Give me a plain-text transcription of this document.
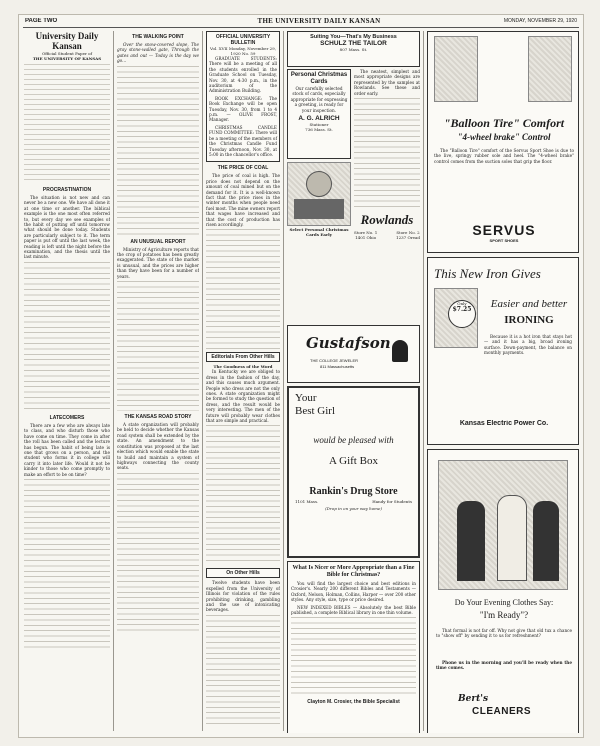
PAGE TWO	THE UNIVERSITY DAILY KANSAN	MONDAY, NOVEMBER 29, 1920
University Daily Kansan
Official Student Paper of
THE UNIVERSITY OF KANSAS
PROCRASTINATION

The situation is not new and can never be a new one. We have all done it at one time or another. The biblical example is the one most often referred to, but every day we see examples of the habit of putting off until tomorrow what should be done today. Students are particularly subject to it. The term paper is put off until the last week, the reading is left until the night before the examination, and the thesis until the last minute.

LATECOMERS

There are a few who are always late to class, and who disturb those who have come on time. They come in after the roll has been called and the lecture has begun. The habit of being late is one that grows on a person, and the student who forms it in college will carry it into later life. Would it not be kinder to those who come promptly to make an effort to be on time?

THE WALKING POINT

Over the snow-covered slope, The gray stone-walled gate, Through the gates and out — Today is the day we go...

AN UNUSUAL REPORT

Ministry of Agriculture reports that the crop of potatoes has been greatly exaggerated. The state of the market is unusual, and the prices are higher than they have been for a number of years.

THE KANSAS ROAD STORY

A state organization will probably be held to decide whether the Kansas road system shall be extended by the state. An amendment to the constitution was proposed at the last election which would enable the state to build and maintain a system of highways connecting the county seats.

OFFICIAL UNIVERSITY BULLETIN
Vol. XVII Monday, November 29, 1920 No. 59

GRADUATE STUDENTS: There will be a meeting of all the students enrolled in the Graduate School on Tuesday, Nov. 30, at 4:30 p.m., in the auditorium of the Administration Building.

BOOK EXCHANGE: The Book Exchange will be open Tuesday, Nov. 30, from 1 to 4 p.m. — OLIVE FROST, Manager.

CHRISTMAS CANDLE FUND COMMITTEE: There will be a meeting of the members of the Christmas Candle Fund Tuesday afternoon, Nov. 30, at 5:00 in the chancellor's office.

THE PRICE OF COAL

The price of coal is high. The price does not depend on the amount of coal mined but on the demand for it. It is a well-known fact that the price rises in the winter months when people need fuel most. The mine owners report that wages have increased and that the cost of production has risen accordingly.

Editorials From Other Hills
The Goodness of the Word

In Kentucky we are obliged to dress in the fashion of the day, and this causes much argument. People who dress are not the only ones. A state organization might be formed to study the question of dress, and the result would be very interesting. The men of the future will probably wear clothes that are simple and practical.

On Other Hills

Twelve students have been expelled from the University of Illinois for violation of the rules prohibiting drinking, gambling and the use of intoxicating beverages.

Suiting You—That's My Business
SCHULZ THE TAILOR
807 Mass. St.
Personal Christmas Cards
Our carefully selected stock of cards, especially appropriate for expressing a greeting, is ready for your inspection.
A. G. ALRICH
Stationer
736 Mass. St.
Select Personal Christmas Cards Early

The neatest, simplest and most appropriate designs are represented by the samples at Rowlands. See these and order early.

Rowlands
Store No. 1
1401 Ohio
Store No. 2
1237 Oread
Gustafson
THE COLLEGE JEWELER
811 Massachusetts
Your
Best Girl
would be pleased with
A Gift Box
Rankin's Drug Store
1101 Mass.	Handy for Students
(Drop in on your way home)
What Is Nicer or More Appropriate than a Fine Bible for Christmas?

You will find the largest choice and best editions in Crosier's. Nearly 200 different Bibles and Testaments — Oxford, Nelson, Holman, Collins, Harper — over 200 other styles. Any style, size, type or price desired.

NEW INDEXED BIBLES — Absolutely the best Bible published, a complete Biblical library in one thin volume.

Clayton M. Crosier, the Bible Specialist
"Balloon Tire" Comfort
"4-wheel brake" Control

The "Balloon Tire" comfort of the Servus Sport Shoe is due to the live, springy rubber sole and heel. The "4-wheel brake" control comes from the suction soles that grip the floor.

SERVUS
SPORT SHOES
This New Iron Gives
Easier and better
IRONING
Only
$7.25

Because it is a hot iron that stays hot — and it has a big, broad ironing surface. Down-payment, the balance on monthly payments.

Kansas Electric Power Co.
Do Your Evening Clothes Say:
"I'm Ready"?

That formal is not far off. Why not give that old tux a chance to "show off" by sending it to us for refreshment?

Phone us in the morning and you'll be ready when the time comes.

Bert's
CLEANERS
